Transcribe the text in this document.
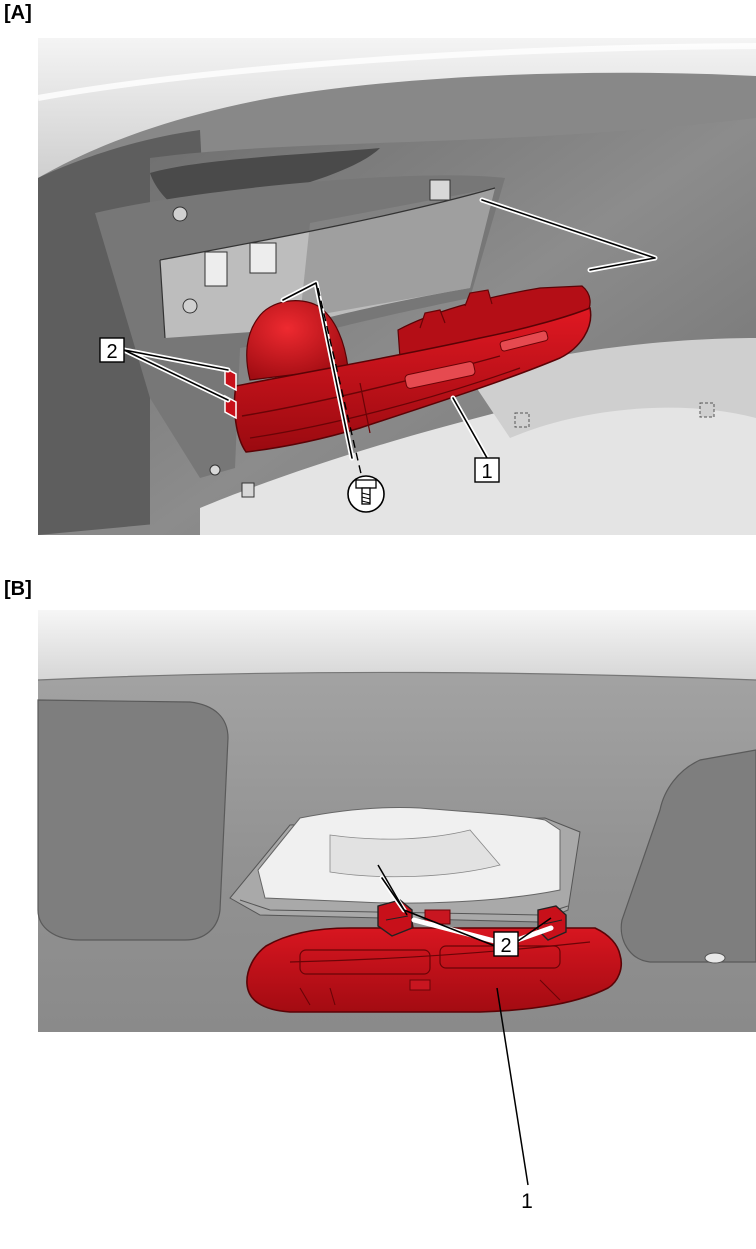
[A]
[B]
2
1
2
1
